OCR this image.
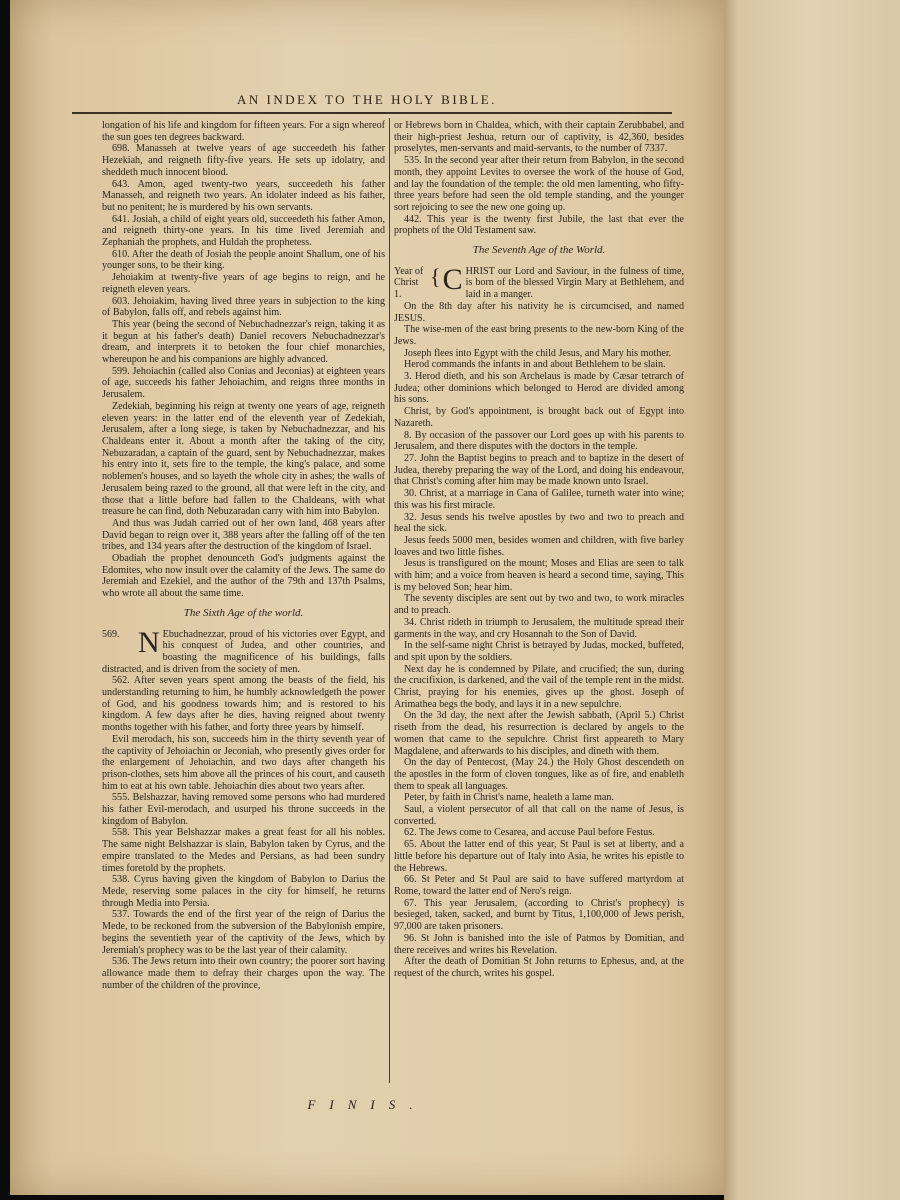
AN INDEX TO THE HOLY BIBLE.

longation of his life and kingdom for fifteen years. For a sign whereof the sun goes ten degrees backward.

698. Manasseh at twelve years of age succeedeth his father Hezekiah, and reigneth fifty-five years. He sets up idolatry, and sheddeth much innocent blood.

643. Amon, aged twenty-two years, succeedeth his father Manasseh, and reigneth two years. An idolater indeed as his father, but no penitent; he is murdered by his own servants.

641. Josiah, a child of eight years old, succeedeth his father Amon, and reigneth thirty-one years. In his time lived Jeremiah and Zephaniah the prophets, and Huldah the prophetess.

610. After the death of Josiah the people anoint Shallum, one of his younger sons, to be their king.

Jehoiakim at twenty-five years of age begins to reign, and he reigneth eleven years.

603. Jehoiakim, having lived three years in subjection to the king of Babylon, falls off, and rebels against him.

This year (being the second of Nebuchadnezzar's reign, taking it as it begun at his father's death) Daniel recovers Nebuchadnezzar's dream, and interprets it to betoken the four chief monarchies, whereupon he and his companions are highly advanced.

599. Jehoiachin (called also Conias and Jeconias) at eighteen years of age, succeeds his father Jehoiachim, and reigns three months in Jerusalem.

Zedekiah, beginning his reign at twenty one years of age, reigneth eleven years: in the latter end of the eleventh year of Zedekiah, Jerusalem, after a long siege, is taken by Nebuchadnezzar, and his Chaldeans enter it. About a month after the taking of the city, Nebuzaradan, a captain of the guard, sent by Nebuchadnezzar, makes his entry into it, sets fire to the temple, the king's palace, and some noblemen's houses, and so layeth the whole city in ashes; the walls of Jerusalem being razed to the ground, all that were left in the city, and those that a little before had fallen to the Chaldeans, with what treasure he can find, doth Nebuzaradan carry with him into Babylon.

And thus was Judah carried out of her own land, 468 years after David began to reign over it, 388 years after the falling off of the ten tribes, and 134 years after the destruction of the kingdom of Israel.

Obadiah the prophet denounceth God's judgments against the Edomites, who now insult over the calamity of the Jews. The same do Jeremiah and Ezekiel, and the author of the 79th and 137th Psalms, who wrote all about the same time.

The Sixth Age of the world.
569. N Ebuchadnezzar, proud of his victories over Egypt, and his conquest of Judea, and other countries, and boasting the magnificence of his buildings, falls distracted, and is driven from the society of men.

562. After seven years spent among the beasts of the field, his understanding returning to him, he humbly acknowledgeth the power of God, and his goodness towards him; and is restored to his kingdom. A few days after he dies, having reigned about twenty months together with his father, and forty three years by himself.

Evil merodach, his son, succeeds him in the thirty seventh year of the captivity of Jehoiachin or Jeconiah, who presently gives order for the enlargement of Jehoiachin, and two days after changeth his prison-clothes, sets him above all the princes of his court, and causeth him to eat at his own table. Jehoiachin dies about two years after.

555. Belshazzar, having removed some persons who had murdered his father Evil-merodach, and usurped his throne succeeds in the kingdom of Babylon.

558. This year Belshazzar makes a great feast for all his nobles. The same night Belshazzar is slain, Babylon taken by Cyrus, and the empire translated to the Medes and Persians, as had been sundry times foretold by the prophets.

538. Cyrus having given the kingdom of Babylon to Darius the Mede, reserving some palaces in the city for himself, he returns through Media into Persia.

537. Towards the end of the first year of the reign of Darius the Mede, to be reckoned from the subversion of the Babylonish empire, begins the seventieth year of the captivity of the Jews, which by Jeremiah's prophecy was to be the last year of their calamity.

536. The Jews return into their own country; the poorer sort having allowance made them to defray their charges upon the way. The number of the children of the province,

or Hebrews born in Chaldea, which, with their captain Zerubbabel, and their high-priest Jeshua, return our of captivity, is 42,360, besides proselytes, men-servants and maid-servants, to the number of 7337.

535. In the second year after their return from Babylon, in the second month, they appoint Levites to oversee the work of the house of God, and lay the foundation of the temple: the old men lamenting, who fifty-three years before had seen the old temple standing, and the younger sort rejoicing to see the new one going up.

442. This year is the twenty first Jubile, the last that ever the prophets of the Old Testament saw.

The Seventh Age of the World.
Year of
Christ 1.
{ C HRIST our Lord and Saviour, in the fulness of time, is born of the blessed Virgin Mary at Bethlehem, and laid in a manger.

On the 8th day after his nativity he is circumcised, and named JESUS.

The wise-men of the east bring presents to the new-born King of the Jews.

Joseph flees into Egypt with the child Jesus, and Mary his mother.

Herod commands the infants in and about Bethlehem to be slain.

3. Herod dieth, and his son Archelaus is made by Cæsar tetrarch of Judea; other dominions which belonged to Herod are divided among his sons.

Christ, by God's appointment, is brought back out of Egypt into Nazareth.

8. By occasion of the passover our Lord goes up with his parents to Jerusalem, and there disputes with the doctors in the temple.

27. John the Baptist begins to preach and to baptize in the desert of Judea, thereby preparing the way of the Lord, and doing his endeavour, that Christ's coming after him may be made known unto Israel.

30. Christ, at a marriage in Cana of Galilee, turneth water into wine; this was his first miracle.

32. Jesus sends his twelve apostles by two and two to preach and heal the sick.

Jesus feeds 5000 men, besides women and children, with five barley loaves and two little fishes.

Jesus is transfigured on the mount; Moses and Elias are seen to talk with him; and a voice from heaven is heard a second time, saying, This is my beloved Son; hear him.

The seventy disciples are sent out by two and two, to work miracles and to preach.

34. Christ rideth in triumph to Jerusalem, the multitude spread their garments in the way, and cry Hosannah to the Son of David.

In the self-same night Christ is betrayed by Judas, mocked, buffeted, and spit upon by the soldiers.

Next day he is condemned by Pilate, and crucified; the sun, during the crucifixion, is darkened, and the vail of the temple rent in the midst. Christ, praying for his enemies, gives up the ghost. Joseph of Arimathea begs the body, and lays it in a new sepulchre.

On the 3d day, the next after the Jewish sabbath, (April 5.) Christ riseth from the dead, his resurrection is declared by angels to the women that came to the sepulchre. Christ first appeareth to Mary Magdalene, and afterwards to his disciples, and dineth with them.

On the day of Pentecost, (May 24.) the Holy Ghost descendeth on the apostles in the form of cloven tongues, like as of fire, and enableth them to speak all languages.

Peter, by faith in Christ's name, healeth a lame man.

Saul, a violent persecutor of all that call on the name of Jesus, is converted.

62. The Jews come to Cesarea, and accuse Paul before Festus.

65. About the latter end of this year, St Paul is set at liberty, and a little before his departure out of Italy into Asia, he writes his epistle to the Hebrews.

66. St Peter and St Paul are said to have suffered martyrdom at Rome, toward the latter end of Nero's reign.

67. This year Jerusalem, (according to Christ's prophecy) is besieged, taken, sacked, and burnt by Titus, 1,100,000 of Jews perish, 97,000 are taken prisoners.

96. St John is banished into the isle of Patmos by Domitian, and there receives and writes his Revelation.

After the death of Domitian St John returns to Ephesus, and, at the request of the church, writes his gospel.

FINIS.
